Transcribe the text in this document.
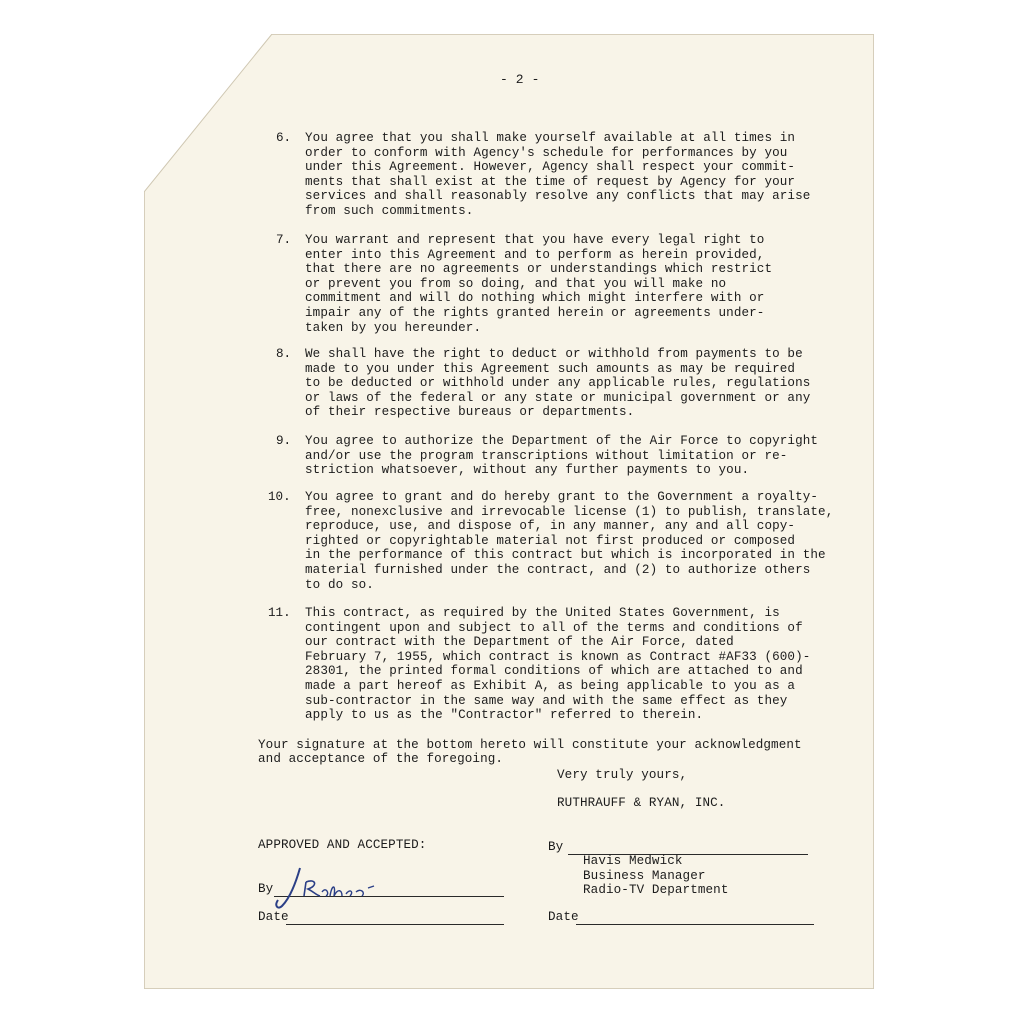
- 2 -
6. You agree that you shall make yourself available at all times in
order to conform with Agency's schedule for performances by you
under this Agreement. However, Agency shall respect your commit-
ments that shall exist at the time of request by Agency for your
services and shall reasonably resolve any conflicts that may arise
from such commitments.
7. You warrant and represent that you have every legal right to
enter into this Agreement and to perform as herein provided,
that there are no agreements or understandings which restrict
or prevent you from so doing, and that you will make no
commitment and will do nothing which might interfere with or
impair any of the rights granted herein or agreements under-
taken by you hereunder.
8. We shall have the right to deduct or withhold from payments to be
made to you under this Agreement such amounts as may be required
to be deducted or withhold under any applicable rules, regulations
or laws of the federal or any state or municipal government or any
of their respective bureaus or departments.
9. You agree to authorize the Department of the Air Force to copyright
and/or use the program transcriptions without limitation or re-
striction whatsoever, without any further payments to you.
10. You agree to grant and do hereby grant to the Government a royalty-
free, nonexclusive and irrevocable license (1) to publish, translate,
reproduce, use, and dispose of, in any manner, any and all copy-
righted or copyrightable material not first produced or composed
in the performance of this contract but which is incorporated in the
material furnished under the contract, and (2) to authorize others
to do so.
11. This contract, as required by the United States Government, is
contingent upon and subject to all of the terms and conditions of
our contract with the Department of the Air Force, dated
February 7, 1955, which contract is known as Contract #AF33 (600)-
28301, the printed formal conditions of which are attached to and
made a part hereof as Exhibit A, as being applicable to you as a
sub-contractor in the same way and with the same effect as they
apply to us as the "Contractor" referred to therein.
Your signature at the bottom hereto will constitute your acknowledgment
and acceptance of the foregoing.
Very truly yours,
RUTHRAUFF & RYAN, INC.
APPROVED AND ACCEPTED:	By
Havis Medwick
Business Manager
Radio-TV Department
By
Date	Date
